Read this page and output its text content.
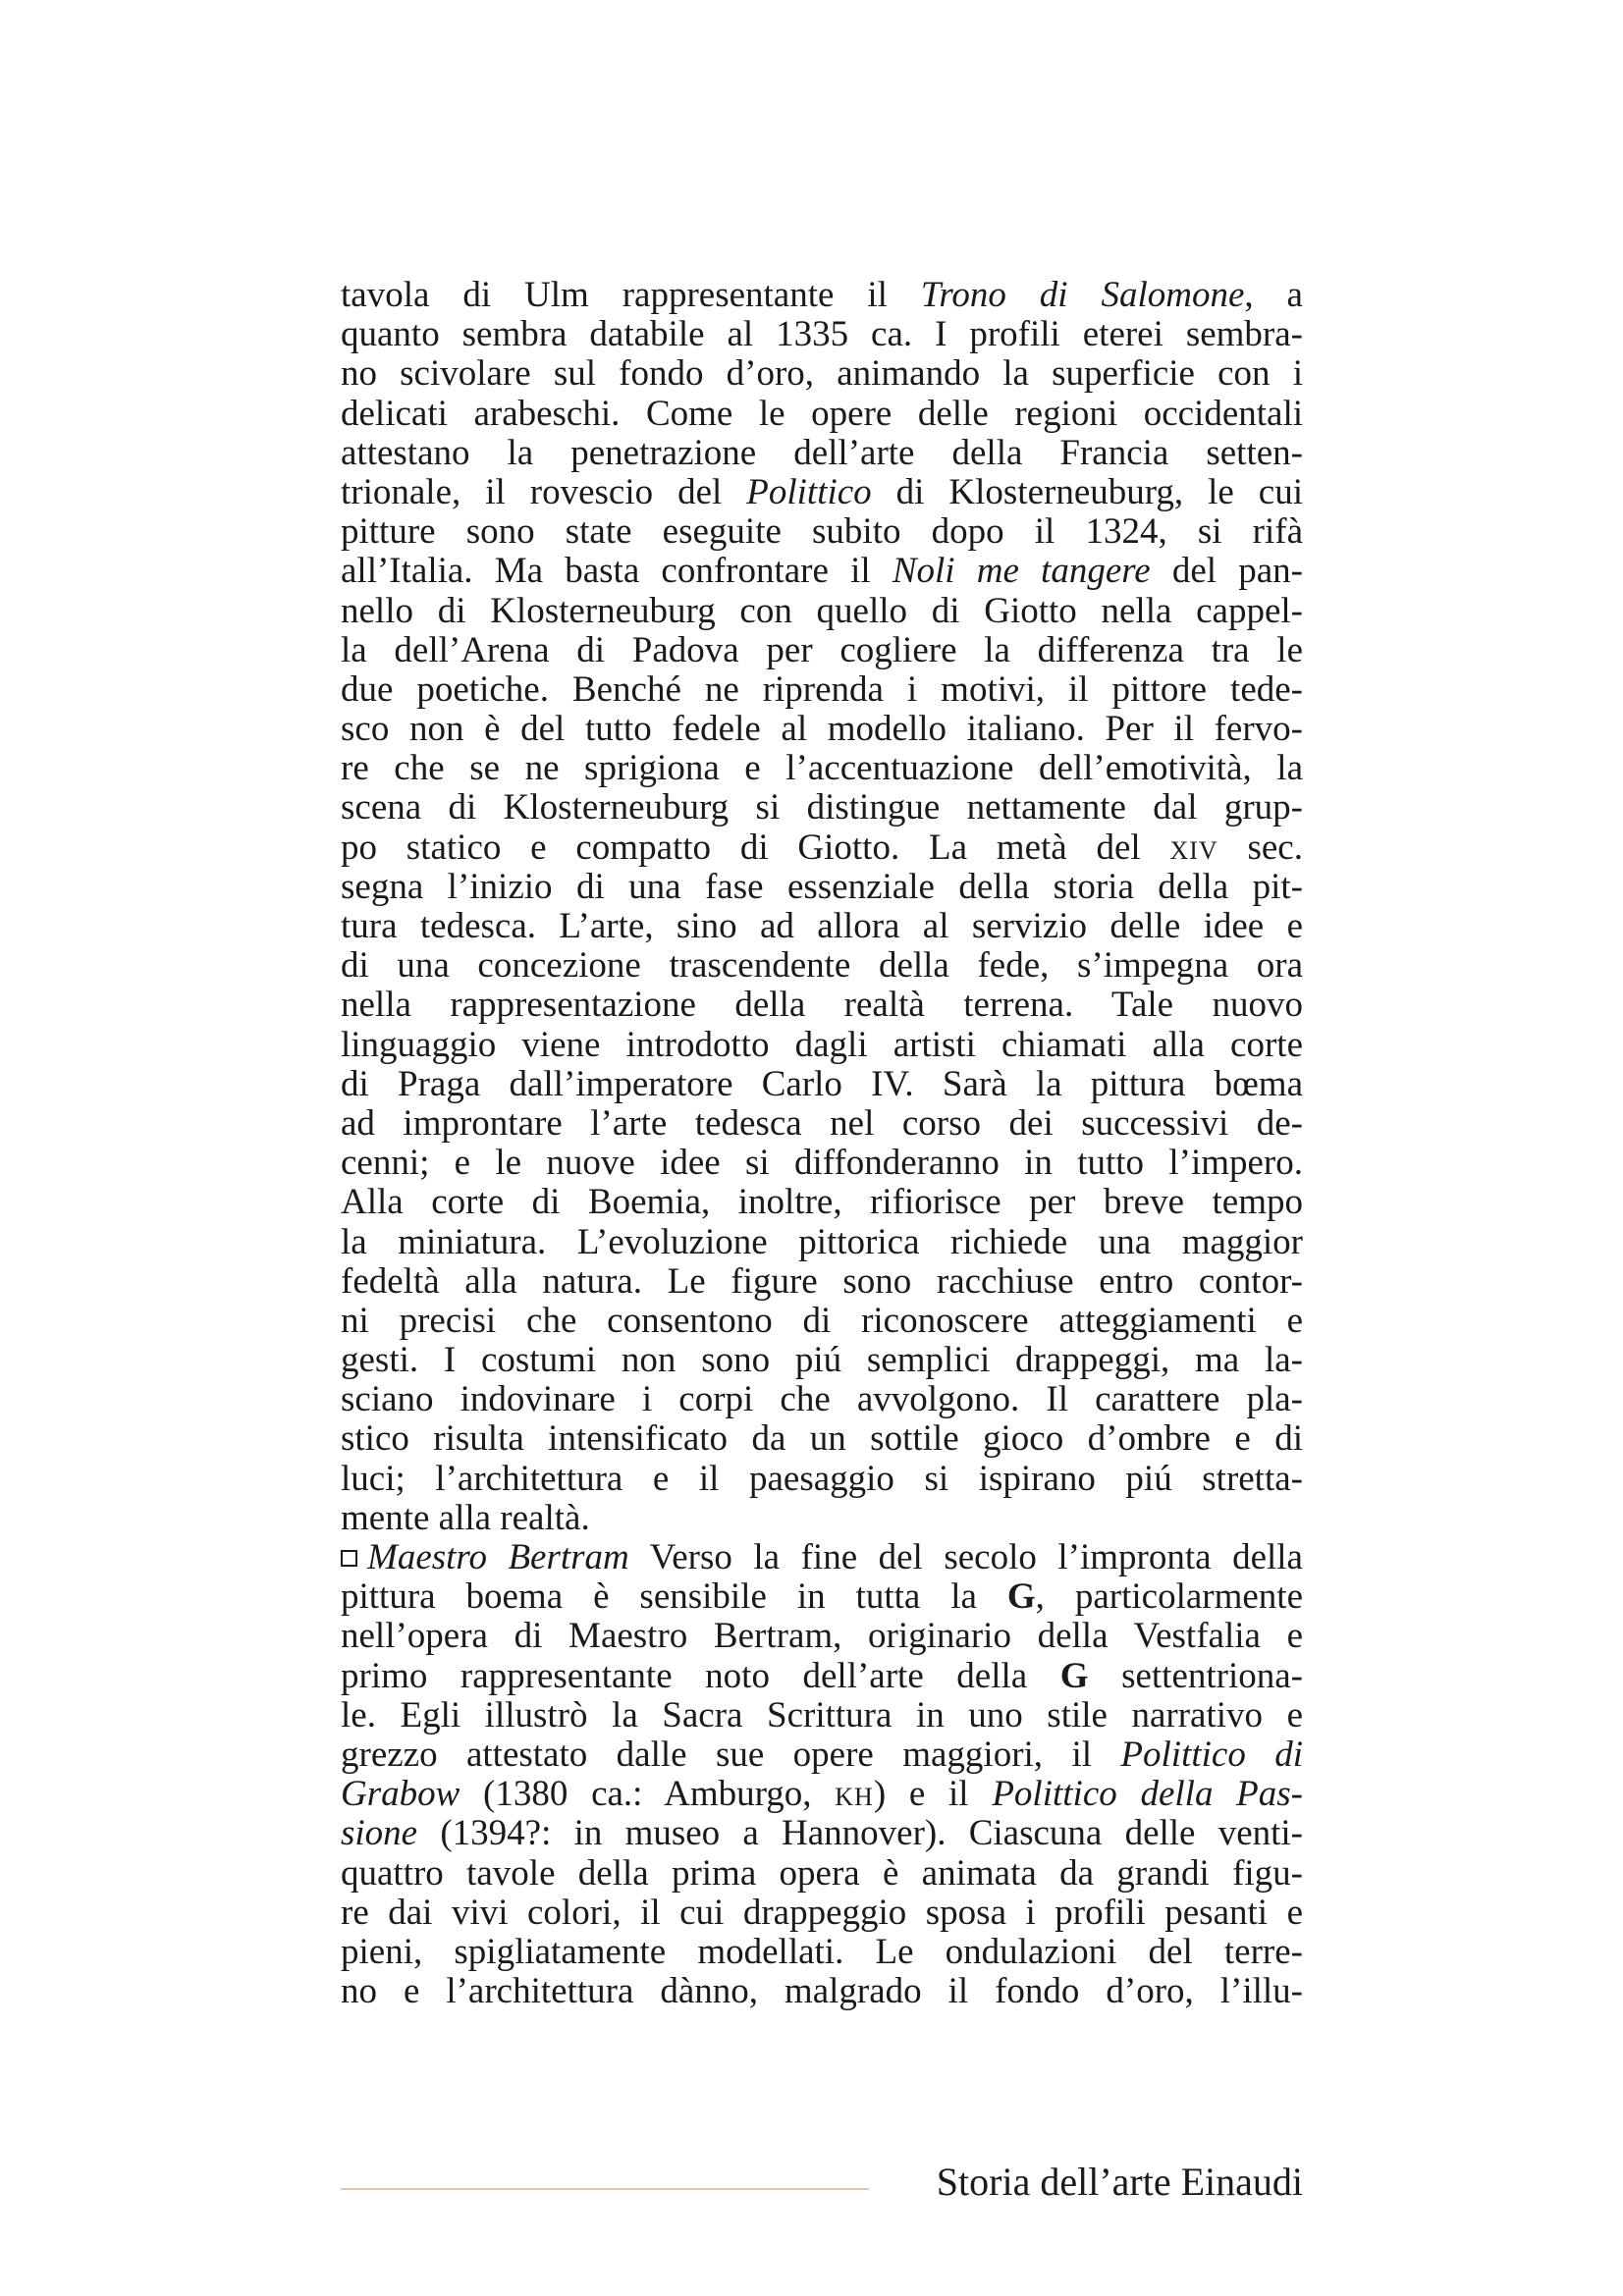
tavola di Ulm rappresentante il Trono di Salomone, a
quanto sembra databile al 1335 ca. I profili eterei sembra-
no scivolare sul fondo d’oro, animando la superficie con i
delicati arabeschi. Come le opere delle regioni occidentali
attestano la penetrazione dell’arte della Francia setten-
trionale, il rovescio del Polittico di Klosterneuburg, le cui
pitture sono state eseguite subito dopo il 1324, si rifà
all’Italia. Ma basta confrontare il Noli me tangere del pan-
nello di Klosterneuburg con quello di Giotto nella cappel-
la dell’Arena di Padova per cogliere la differenza tra le
due poetiche. Benché ne riprenda i motivi, il pittore tede-
sco non è del tutto fedele al modello italiano. Per il fervo-
re che se ne sprigiona e l’accentuazione dell’emotività, la
scena di Klosterneuburg si distingue nettamente dal grup-
po statico e compatto di Giotto. La metà del xiv sec.
segna l’inizio di una fase essenziale della storia della pit-
tura tedesca. L’arte, sino ad allora al servizio delle idee e
di una concezione trascendente della fede, s’impegna ora
nella rappresentazione della realtà terrena. Tale nuovo
linguaggio viene introdotto dagli artisti chiamati alla corte
di Praga dall’imperatore Carlo IV. Sarà la pittura bœma
ad improntare l’arte tedesca nel corso dei successivi de-
cenni; e le nuove idee si diffonderanno in tutto l’impero.
Alla corte di Boemia, inoltre, rifiorisce per breve tempo
la miniatura. L’evoluzione pittorica richiede una maggior
fedeltà alla natura. Le figure sono racchiuse entro contor-
ni precisi che consentono di riconoscere atteggiamenti e
gesti. I costumi non sono piú semplici drappeggi, ma la-
sciano indovinare i corpi che avvolgono. Il carattere pla-
stico risulta intensificato da un sottile gioco d’ombre e di
luci; l’architettura e il paesaggio si ispirano piú stretta-
mente alla realtà.
Maestro Bertram Verso la fine del secolo l’impronta della
pittura boema è sensibile in tutta la G, particolarmente
nell’opera di Maestro Bertram, originario della Vestfalia e
primo rappresentante noto dell’arte della G settentriona-
le. Egli illustrò la Sacra Scrittura in uno stile narrativo e
grezzo attestato dalle sue opere maggiori, il Polittico di
Grabow (1380 ca.: Amburgo, kh) e il Polittico della Pas-
sione (1394?: in museo a Hannover). Ciascuna delle venti-
quattro tavole della prima opera è animata da grandi figu-
re dai vivi colori, il cui drappeggio sposa i profili pesanti e
pieni, spigliatamente modellati. Le ondulazioni del terre-
no e l’architettura dànno, malgrado il fondo d’oro, l’illu-
Storia dell’arte Einaudi
